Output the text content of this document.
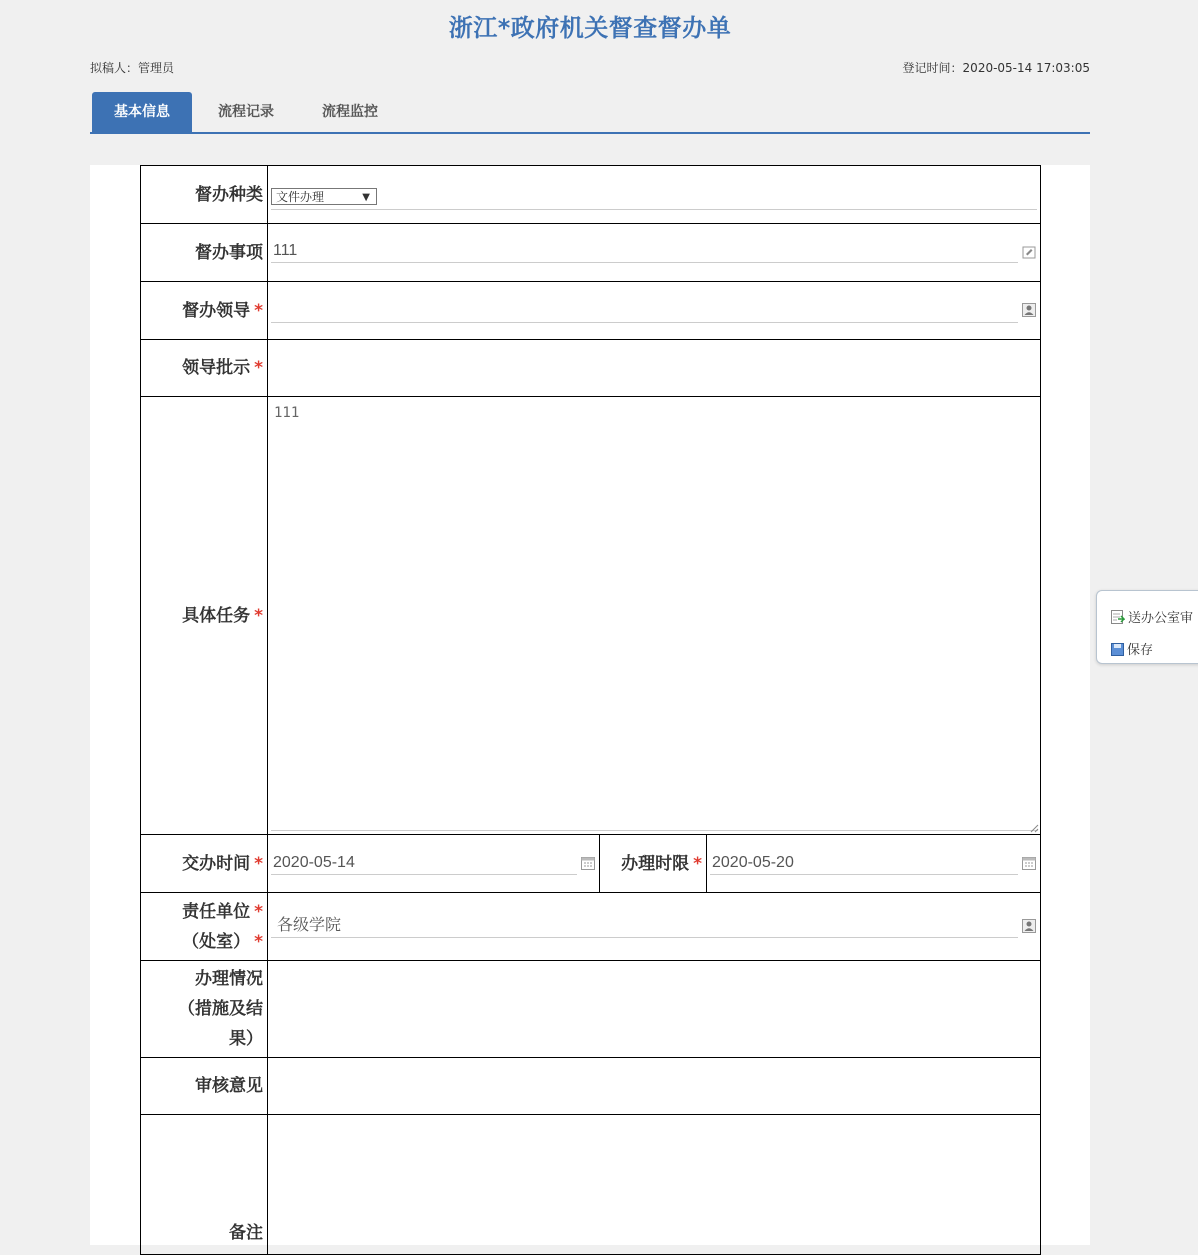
浙江*政府机关督查督办单
拟稿人：管理员	登记时间：2020-05-14 17:03:05
基本信息	流程记录	流程监控
督办种类	文件办理 ▼		

督办事项	111		

督办领导 *	

领导批示 *			
具体任务 *	111		

交办时间 *	2020-05-14	办理时限 *	2020-05-20

责任单位 *
（处室） *	各级学院		

办理情况
（措施及结
果）			

审核意见			

备注			

送办公室审
保存
